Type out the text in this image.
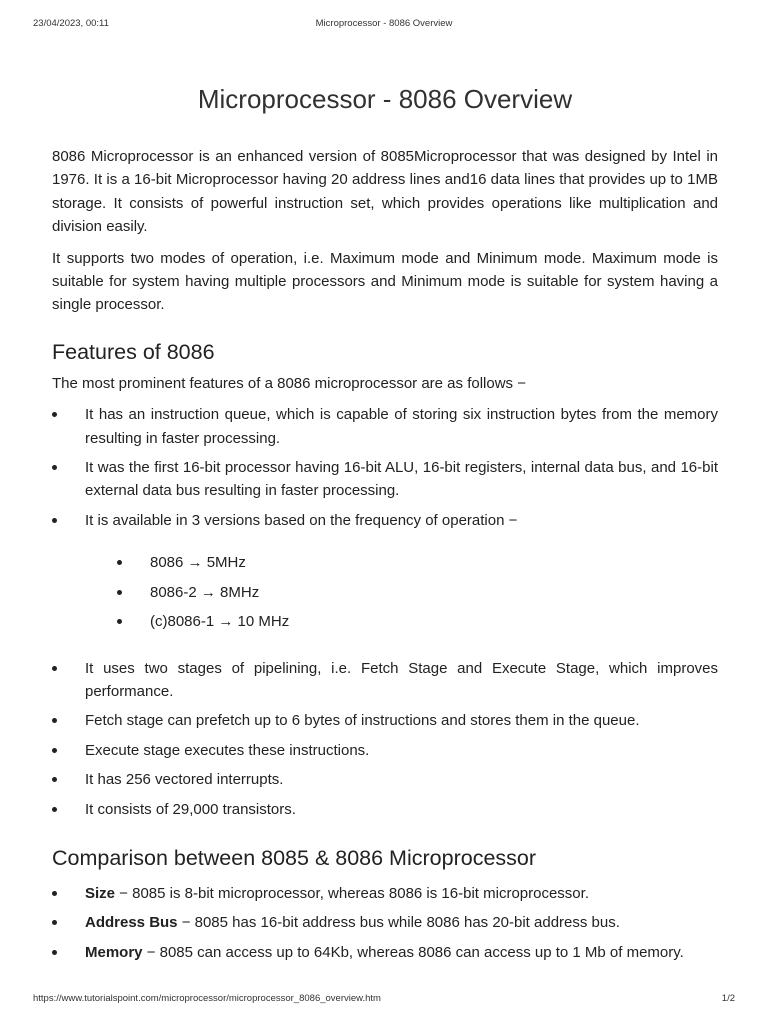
23/04/2023, 00:11	Microprocessor - 8086 Overview
Microprocessor - 8086 Overview

8086 Microprocessor is an enhanced version of 8085Microprocessor that was designed by Intel in 1976. It is a 16-bit Microprocessor having 20 address lines and16 data lines that provides up to 1MB storage. It consists of powerful instruction set, which provides operations like multiplication and division easily.

It supports two modes of operation, i.e. Maximum mode and Minimum mode. Maximum mode is suitable for system having multiple processors and Minimum mode is suitable for system having a single processor.

Features of 8086

The most prominent features of a 8086 microprocessor are as follows −

It has an instruction queue, which is capable of storing six instruction bytes from the memory resulting in faster processing.
It was the first 16-bit processor having 16-bit ALU, 16-bit registers, internal data bus, and 16-bit external data bus resulting in faster processing.
It is available in 3 versions based on the frequency of operation −
8086 → 5MHz
8086-2 → 8MHz
(c)8086-1 → 10 MHz
It uses two stages of pipelining, i.e. Fetch Stage and Execute Stage, which improves performance.
Fetch stage can prefetch up to 6 bytes of instructions and stores them in the queue.
Execute stage executes these instructions.
It has 256 vectored interrupts.
It consists of 29,000 transistors.
Comparison between 8085 & 8086 Microprocessor
Size − 8085 is 8-bit microprocessor, whereas 8086 is 16-bit microprocessor.
Address Bus − 8085 has 16-bit address bus while 8086 has 20-bit address bus.
Memory − 8085 can access up to 64Kb, whereas 8086 can access up to 1 Mb of memory.
https://www.tutorialspoint.com/microprocessor/microprocessor_8086_overview.htm	1/2
